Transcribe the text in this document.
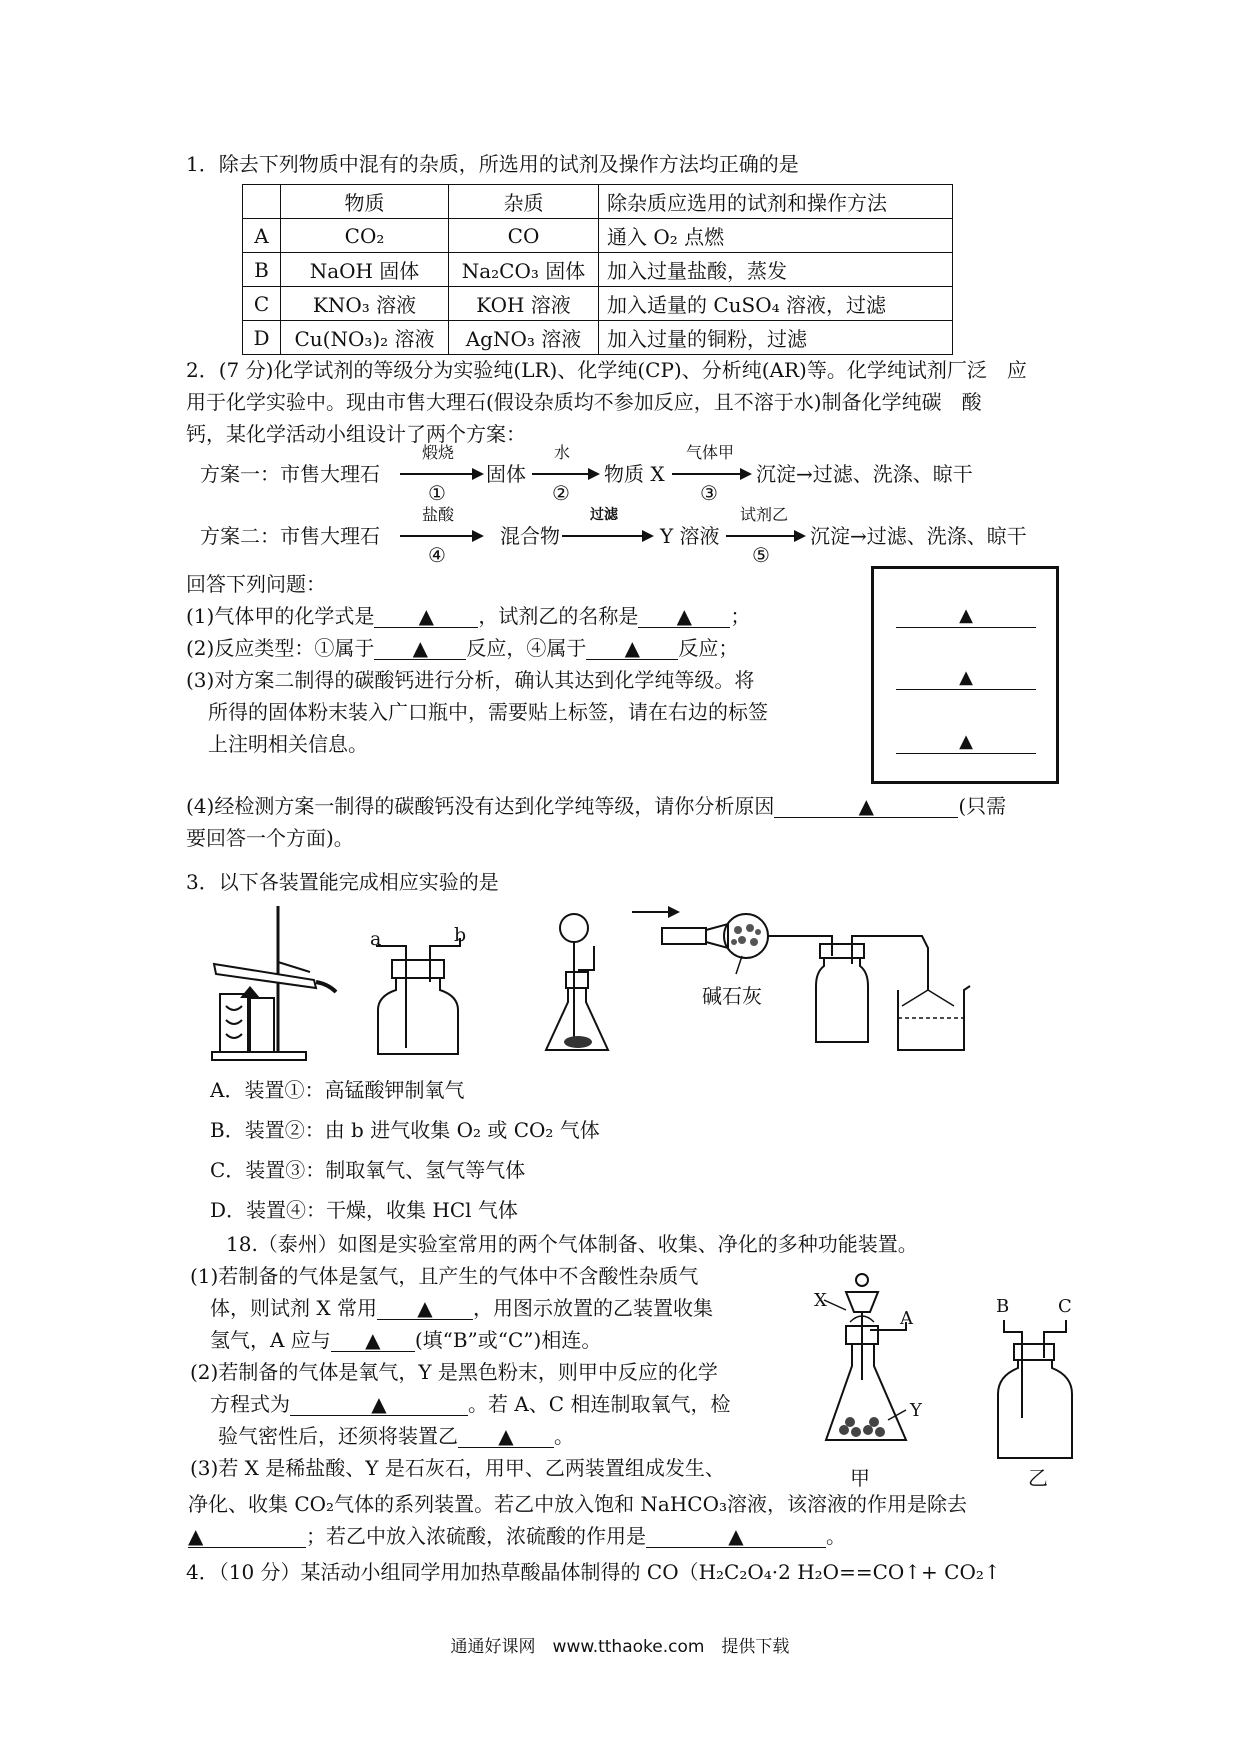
1．除去下列物质中混有的杂质，所选用的试剂及操作方法均正确的是
	物质	杂质	除杂质应选用的试剂和操作方法
A	CO₂	CO	通入 O₂ 点燃
B	NaOH 固体	Na₂CO₃ 固体	加入过量盐酸，蒸发
C	KNO₃ 溶液	KOH 溶液	加入适量的 CuSO₄ 溶液，过滤
D	Cu(NO₃)₂ 溶液	AgNO₃ 溶液	加入过量的铜粉，过滤
2．(7 分)化学试剂的等级分为实验纯(LR)、化学纯(CP)、分析纯(AR)等。化学纯试剂厂泛　应
用于化学实验中。现由市售大理石(假设杂质均不参加反应，且不溶于水)制备化学纯碳　酸
钙，某化学活动小组设计了两个方案：
方案一：市售大理石
煅烧
①
固体
水
②
物质 X
气体甲
③
沉淀→过滤、洗涤、晾干
方案二：市售大理石
盐酸
④
混合物
过滤
Y 溶液
试剂乙
⑤
沉淀→过滤、洗涤、晾干
回答下列问题：
(1)气体甲的化学式是 ▲ ，试剂乙的名称是 ▲ ；
(2)反应类型：①属于 ▲ 反应，④属于 ▲ 反应；
(3)对方案二制得的碳酸钙进行分析，确认其达到化学纯等级。将
所得的固体粉末装入广口瓶中，需要贴上标签，请在右边的标签
上注明相关信息。
▲
▲
▲
(4)经检测方案一制得的碳酸钙没有达到化学纯等级，请你分析原因	▲	(只需
要回答一个方面)。
3．以下各装置能完成相应实验的是
a	b
碱石灰
A．装置①：高锰酸钾制氧气
B．装置②：由 b 进气收集 O₂ 或 CO₂ 气体
C．装置③：制取氧气、氢气等气体
D．装置④：干燥，收集 HCl 气体
18.（泰州）如图是实验室常用的两个气体制备、收集、净化的多种功能装置。
(1)若制备的气体是氢气，且产生的气体中不含酸性杂质气
体，则试剂 X 常用 ▲ ，用图示放置的乙装置收集
氢气，A 应与 ▲ (填“B”或“C”)相连。
(2)若制备的气体是氧气，Y 是黑色粉末，则甲中反应的化学
方程式为	▲	。若 A、C 相连制取氧气，检
验气密性后，还须将装置乙 ▲ 。
(3)若 X 是稀盐酸、Y 是石灰石，用甲、乙两装置组成发生、
净化、收集 CO₂气体的系列装置。若乙中放入饱和 NaHCO₃溶液，该溶液的作用是除去
▲	；若乙中放入浓硫酸，浓硫酸的作用是	▲	。
X
A
Y
甲
B	C
乙
4．（10 分）某活动小组同学用加热草酸晶体制得的 CO（H₂C₂O₄·2 H₂O==CO↑+ CO₂↑
通通好课网　www.tthaoke.com　提供下载
